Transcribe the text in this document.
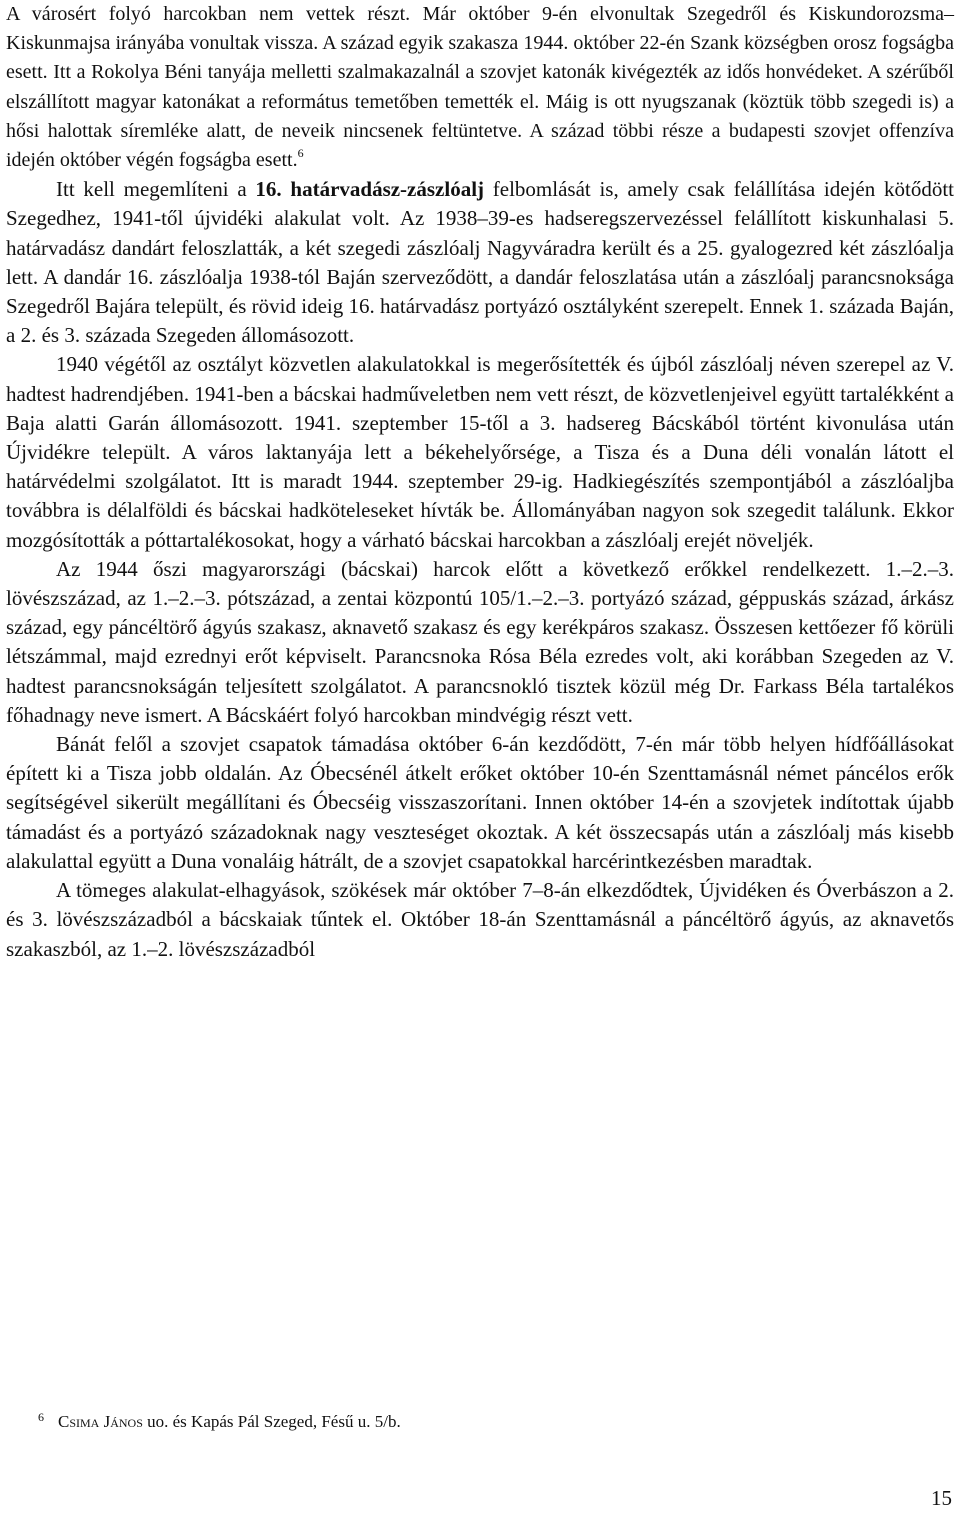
A városért folyó harcokban nem vettek részt. Már október 9-én elvonultak Szegedről és Kiskundorozsma–Kiskunmajsa irányába vonultak vissza. A század egyik szakasza 1944. október 22-én Szank községben orosz fogságba esett. Itt a Rokolya Béni tanyája melletti szalmakazalnál a szovjet katonák kivégezték az idős honvédeket. A szérűből elszállított magyar katonákat a református temetőben temették el. Máig is ott nyugszanak (köztük több szegedi is) a hősi halottak síremléke alatt, de neveik nincsenek feltüntetve. A század többi része a budapesti szovjet offenzíva idején október végén fogságba esett.$^6$

Itt kell megemlíteni a 16. határvadász-zászlóalj felbomlását is, amely csak felállítása idején kötődött Szegedhez, 1941-től újvidéki alakulat volt. Az 1938–39-es hadseregszervezéssel felállított kiskunhalasi 5. határvadász dandárt feloszlatták, a két szegedi zászlóalj Nagyváradra került és a 25. gyalogezred két zászlóalja lett. A dandár 16. zászlóalja 1938-tól Baján szerveződött, a dandár feloszlatása után a zászlóalj parancsnoksága Szegedről Bajára települt, és rövid ideig 16. határvadász portyázó osztályként szerepelt. Ennek 1. százada Baján, a 2. és 3. százada Szegeden állomásozott.

1940 végétől az osztályt közvetlen alakulatokkal is megerősítették és újból zászlóalj néven szerepel az V. hadtest hadrendjében. 1941-ben a bácskai hadműveletben nem vett részt, de közvetlenjeivel együtt tartalékként a Baja alatti Garán állomásozott. 1941. szeptember 15-től a 3. hadsereg Bácskából történt kivonulása után Újvidékre települt. A város laktanyája lett a békehelyőrsége, a Tisza és a Duna déli vonalán látott el határvédelmi szolgálatot. Itt is maradt 1944. szeptember 29-ig. Hadkiegészítés szempontjából a zászlóaljba továbbra is délalföldi és bácskai hadköteleseket hívták be. Állományában nagyon sok szegedit találunk. Ekkor mozgósították a póttartalékosokat, hogy a várható bácskai harcokban a zászlóalj erejét növeljék.

Az 1944 őszi magyarországi (bácskai) harcok előtt a következő erőkkel rendelkezett. 1.–2.–3. lövészszázad, az 1.–2.–3. pótszázad, a zentai központú 105/1.–2.–3. portyázó század, géppuskás század, árkász század, egy páncéltörő ágyús szakasz, aknavető szakasz és egy kerékpáros szakasz. Összesen kettőezer fő körüli létszámmal, majd ezrednyi erőt képviselt. Parancsnoka Rósa Béla ezredes volt, aki korábban Szegeden az V. hadtest parancsnokságán teljesített szolgálatot. A parancsnokló tisztek közül még Dr. Farkass Béla tartalékos főhadnagy neve ismert. A Bácskáért folyó harcokban mindvégig részt vett.

Bánát felől a szovjet csapatok támadása október 6-án kezdődött, 7-én már több helyen hídfőállásokat épített ki a Tisza jobb oldalán. Az Óbecsénél átkelt erőket október 10-én Szenttamásnál német páncélos erők segítségével sikerült megállítani és Óbecséig visszaszorítani. Innen október 14-én a szovjetek indítottak újabb támadást és a portyázó századoknak nagy veszteséget okoztak. A két összecsapás után a zászlóalj más kisebb alakulattal együtt a Duna vonaláig hátrált, de a szovjet csapatokkal harcérintkezésben maradtak.

A tömeges alakulat-elhagyások, szökések már október 7–8-án elkezdődtek, Újvidéken és Óverbászon a 2. és 3. lövészszázadból a bácskaiak tűntek el. Október 18-án Szenttamásnál a páncéltörő ágyús, az aknavetős szakaszból, az 1.–2. lövészszázadból

$^6$ Csima János uo. és Kapás Pál Szeged, Fésű u. 5/b.

15
